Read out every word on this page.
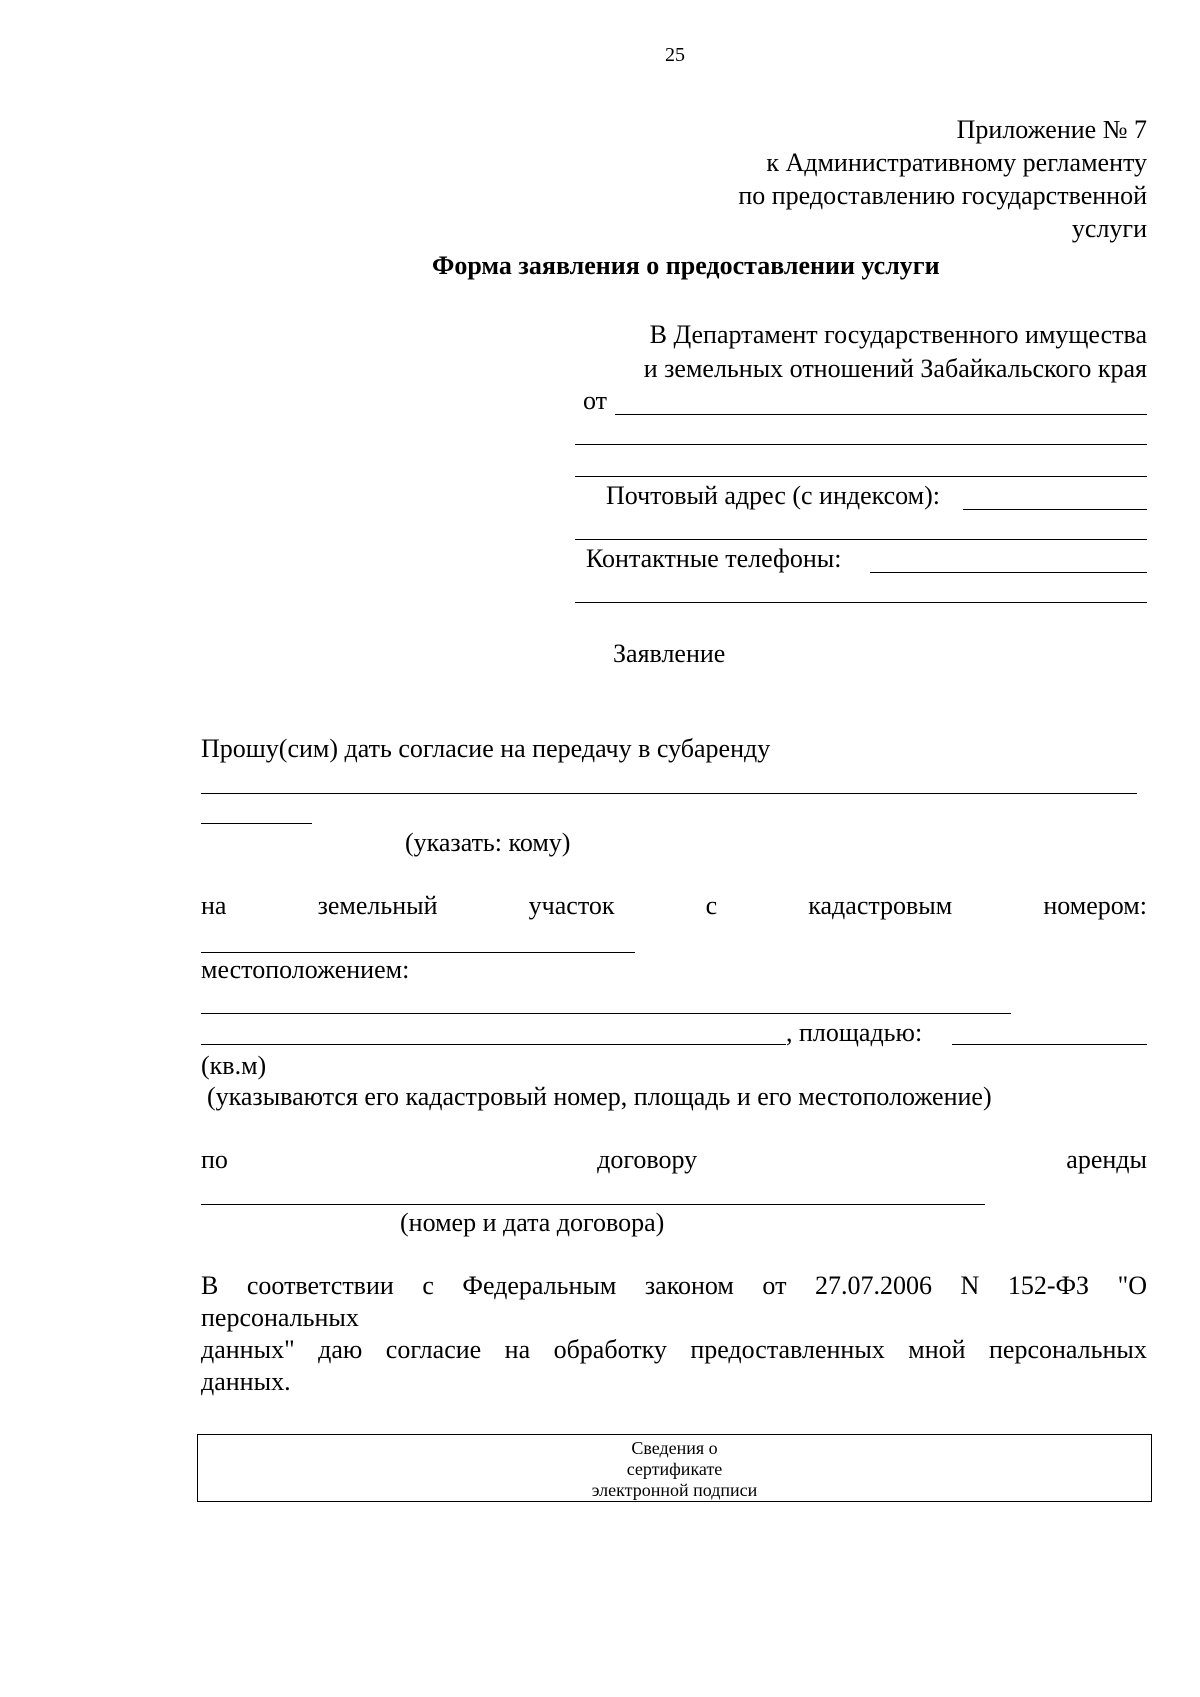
25
Приложение № 7
к Административному регламенту
по предоставлению государственной
услуги
Форма заявления о предоставлении услуги
В Департамент государственного имущества
и земельных отношений Забайкальского края
от
Почтовый адрес (с индексом):
Контактные телефоны:
Заявление
Прошу(сим) дать согласие на передачу в субаренду
(указать: кому)
на	земельный	участок	с	кадастровым	номером:
местоположением:
, площадью:
(кв.м)
(указываются его кадастровый номер, площадь и его местоположение)
по	договору	аренды
(номер и дата договора)
В соответствии с Федеральным законом от 27.07.2006 N 152-ФЗ "О
персональных
данных" даю согласие на обработку предоставленных мной персональных
данных.
Сведения о
сертификате
электронной подписи
